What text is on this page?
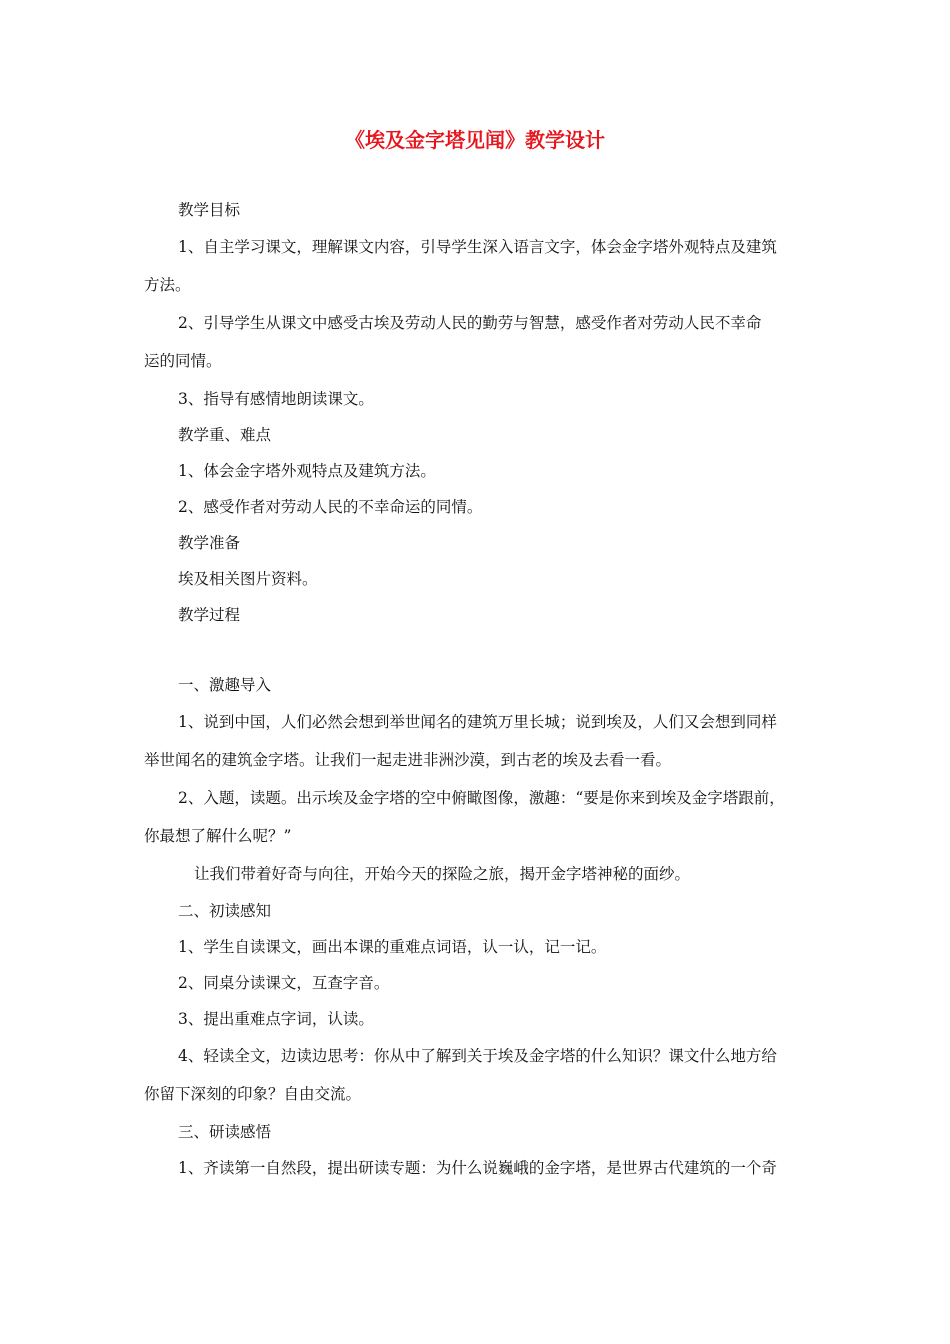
《埃及金字塔见闻》教学设计
教学目标
1、自主学习课文，理解课文内容，引导学生深入语言文字，体会金字塔外观特点及建筑
方法。
2、引导学生从课文中感受古埃及劳动人民的勤劳与智慧，感受作者对劳动人民不幸命
运的同情。
3、指导有感情地朗读课文。
教学重、难点
1、体会金字塔外观特点及建筑方法。
2、感受作者对劳动人民的不幸命运的同情。
教学准备
埃及相关图片资料。
教学过程
一、激趣导入
1、说到中国，人们必然会想到举世闻名的建筑万里长城；说到埃及，人们又会想到同样
举世闻名的建筑金字塔。让我们一起走进非洲沙漠，到古老的埃及去看一看。
2、入题，读题。出示埃及金字塔的空中俯瞰图像，激趣：“要是你来到埃及金字塔跟前，
你最想了解什么呢？”
让我们带着好奇与向往，开始今天的探险之旅，揭开金字塔神秘的面纱。
二、初读感知
1、学生自读课文，画出本课的重难点词语，认一认，记一记。
2、同桌分读课文，互查字音。
3、提出重难点字词，认读。
4、轻读全文，边读边思考：你从中了解到关于埃及金字塔的什么知识？课文什么地方给
你留下深刻的印象？自由交流。
三、研读感悟
1、齐读第一自然段，提出研读专题：为什么说巍峨的金字塔，是世界古代建筑的一个奇
